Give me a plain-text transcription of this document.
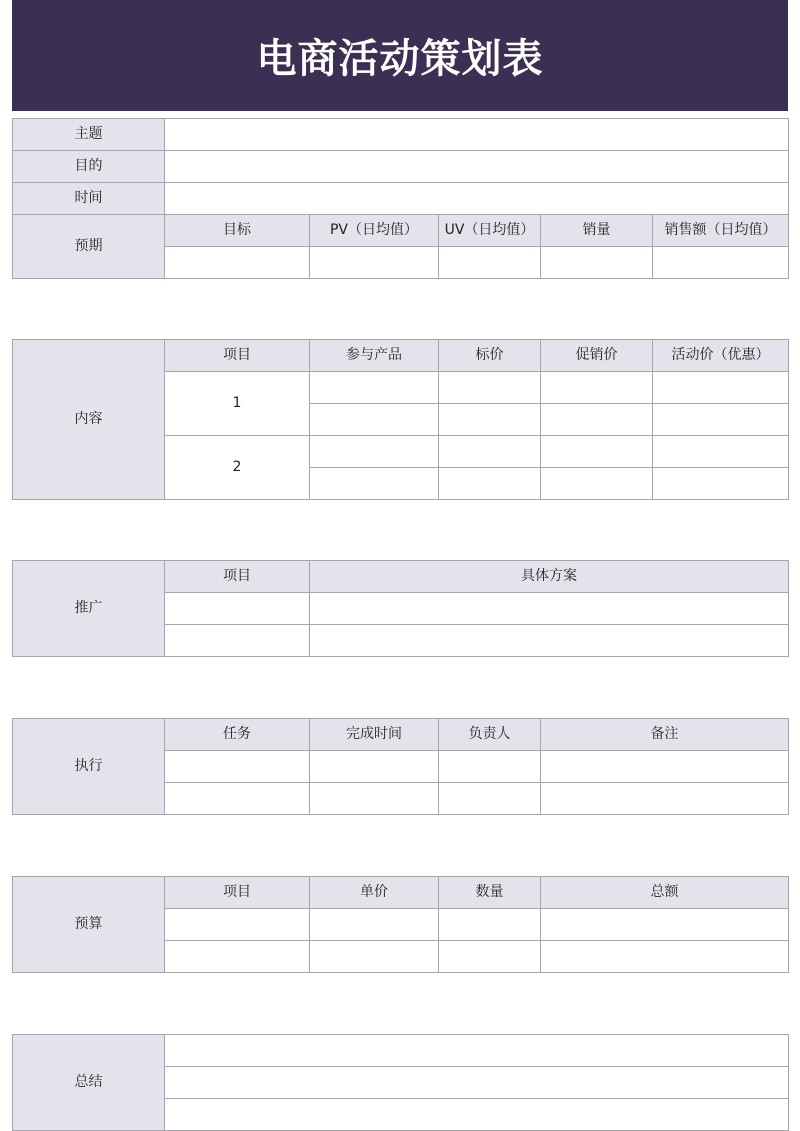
电商活动策划表
主题					
目的					
时间					
预期	目标	PV（日均值）	UV（日均值）	销量	销售额（日均值）

内容	项目	参与产品	标价	促销价	活动价（优惠）
	1				

	2				

推广	项目	具体方案

执行	任务	完成时间	负责人	备注

预算	项目	单价	数量	总额

总结	
